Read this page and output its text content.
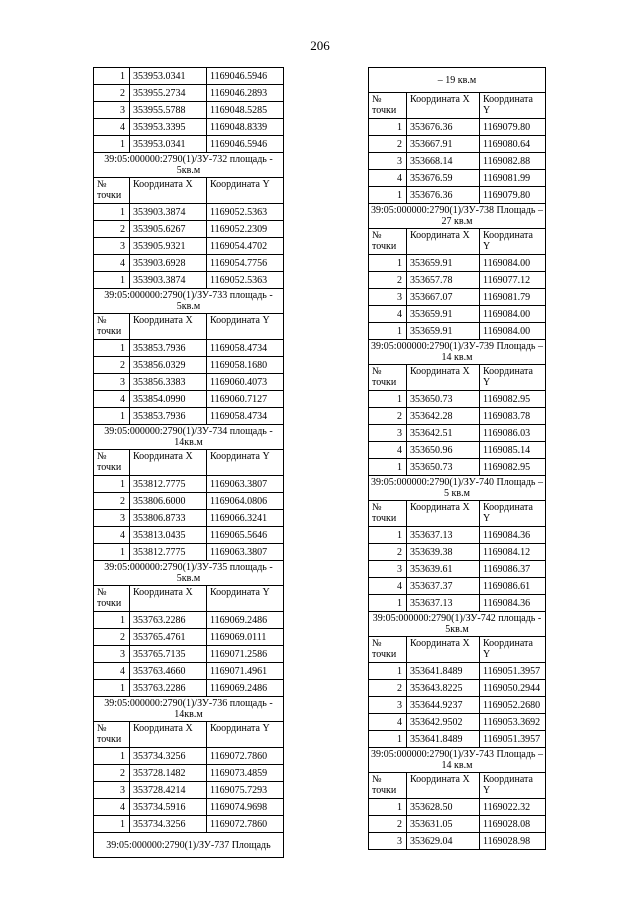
206
1	353953.0341	1169046.5946
2	353955.2734	1169046.2893
3	353955.5788	1169048.5285
4	353953.3395	1169048.8339
1	353953.0341	1169046.5946
39:05:000000:2790(1)/ЗУ-732 площадь - 5кв.м		
№ точки	Координата X	Координата Y
1	353903.3874	1169052.5363
2	353905.6267	1169052.2309
3	353905.9321	1169054.4702
4	353903.6928	1169054.7756
1	353903.3874	1169052.5363
39:05:000000:2790(1)/ЗУ-733 площадь - 5кв.м		
№ точки	Координата X	Координата Y
1	353853.7936	1169058.4734
2	353856.0329	1169058.1680
3	353856.3383	1169060.4073
4	353854.0990	1169060.7127
1	353853.7936	1169058.4734
39:05:000000:2790(1)/ЗУ-734 площадь - 14кв.м		
№ точки	Координата X	Координата Y
1	353812.7775	1169063.3807
2	353806.6000	1169064.0806
3	353806.8733	1169066.3241
4	353813.0435	1169065.5646
1	353812.7775	1169063.3807
39:05:000000:2790(1)/ЗУ-735 площадь - 5кв.м		
№ точки	Координата X	Координата Y
1	353763.2286	1169069.2486
2	353765.4761	1169069.0111
3	353765.7135	1169071.2586
4	353763.4660	1169071.4961
1	353763.2286	1169069.2486
39:05:000000:2790(1)/ЗУ-736 площадь - 14кв.м		
№ точки	Координата X	Координата Y
1	353734.3256	1169072.7860
2	353728.1482	1169073.4859
3	353728.4214	1169075.7293
4	353734.5916	1169074.9698
1	353734.3256	1169072.7860
39:05:000000:2790(1)/ЗУ-737 Площадь		
– 19 кв.м		
№ точки	Координата X	Координата Y
1	353676.36	1169079.80
2	353667.91	1169080.64
3	353668.14	1169082.88
4	353676.59	1169081.99
1	353676.36	1169079.80
39:05:000000:2790(1)/ЗУ-738 Площадь – 27 кв.м		
№ точки	Координата X	Координата Y
1	353659.91	1169084.00
2	353657.78	1169077.12
3	353667.07	1169081.79
4	353659.91	1169084.00
1	353659.91	1169084.00
39:05:000000:2790(1)/ЗУ-739 Площадь – 14 кв.м		
№ точки	Координата X	Координата Y
1	353650.73	1169082.95
2	353642.28	1169083.78
3	353642.51	1169086.03
4	353650.96	1169085.14
1	353650.73	1169082.95
39:05:000000:2790(1)/ЗУ-740 Площадь – 5 кв.м		
№ точки	Координата X	Координата Y
1	353637.13	1169084.36
2	353639.38	1169084.12
3	353639.61	1169086.37
4	353637.37	1169086.61
1	353637.13	1169084.36
39:05:000000:2790(1)/ЗУ-742 площадь - 5кв.м		
№ точки	Координата X	Координата Y
1	353641.8489	1169051.3957
2	353643.8225	1169050.2944
3	353644.9237	1169052.2680
4	353642.9502	1169053.3692
1	353641.8489	1169051.3957
39:05:000000:2790(1)/ЗУ-743 Площадь – 14 кв.м		
№ точки	Координата X	Координата Y
1	353628.50	1169022.32
2	353631.05	1169028.08
3	353629.04	1169028.98
